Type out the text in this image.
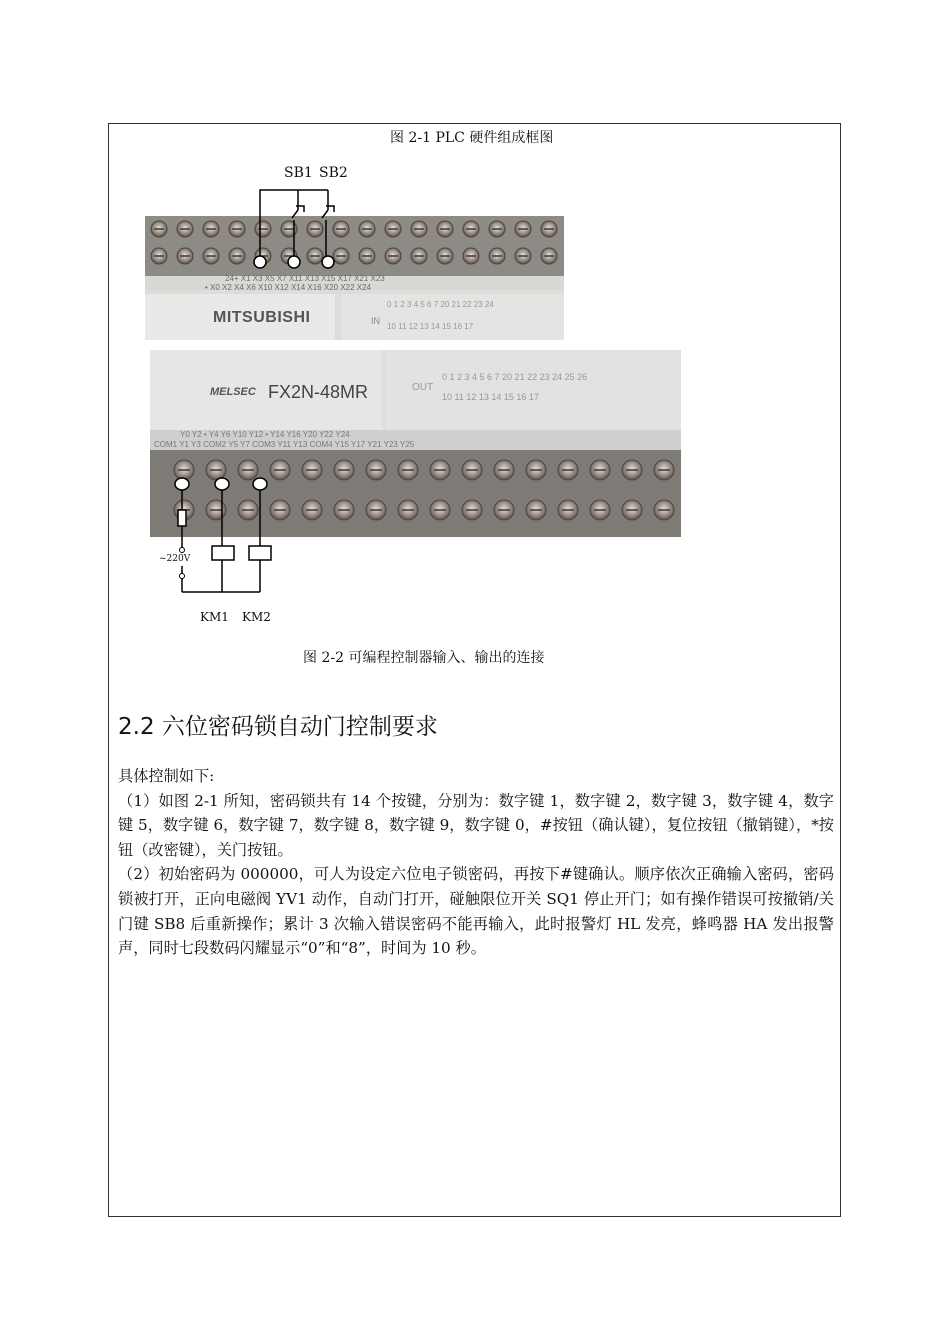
图 2-1 PLC 硬件组成框图
SB1 SB2
24+ X1 X3 X5 X7 X11 X13 X15 X17 X21 X23
• X0 X2 X4 X6 X10 X12 X14 X16 X20 X22 X24
MITSUBISHI	IN
0 1 2 3 4 5 6 7 20 21 22 23 24
10 11 12 13 14 15 16 17
MELSEC FX2N-48MR	OUT
0 1 2 3 4 5 6 7 20 21 22 23 24 25 26
10 11 12 13 14 15 16 17
Y0 Y2 • Y4 Y6 Y10 Y12 • Y14 Y16 Y20 Y22 Y24
COM1 Y1 Y3 COM2 Y5 Y7 COM3 Y11 Y13 COM4 Y15 Y17 Y21 Y23 Y25
~220V
KM1 KM2
图 2-2 可编程控制器输入、输出的连接
2.2 六位密码锁自动门控制要求

具体控制如下:

（1）如图 2-1 所知，密码锁共有 14 个按键，分别为：数字键 1，数字键 2，数字键 3，数字键 4，数字键 5，数字键 6，数字键 7，数字键 8，数字键 9，数字键 0，#按钮（确认键），复位按钮（撤销键），*按钮（改密键），关门按钮。

（2）初始密码为 000000，可人为设定六位电子锁密码，再按下#键确认。顺序依次正确输入密码，密码锁被打开，正向电磁阀 YV1 动作，自动门打开，碰触限位开关 SQ1 停止开门；如有操作错误可按撤销/关门键 SB8 后重新操作；累计 3 次输入错误密码不能再输入，此时报警灯 HL 发亮，蜂鸣器 HA 发出报警声，同时七段数码闪耀显示“0”和“8”，时间为 10 秒。
